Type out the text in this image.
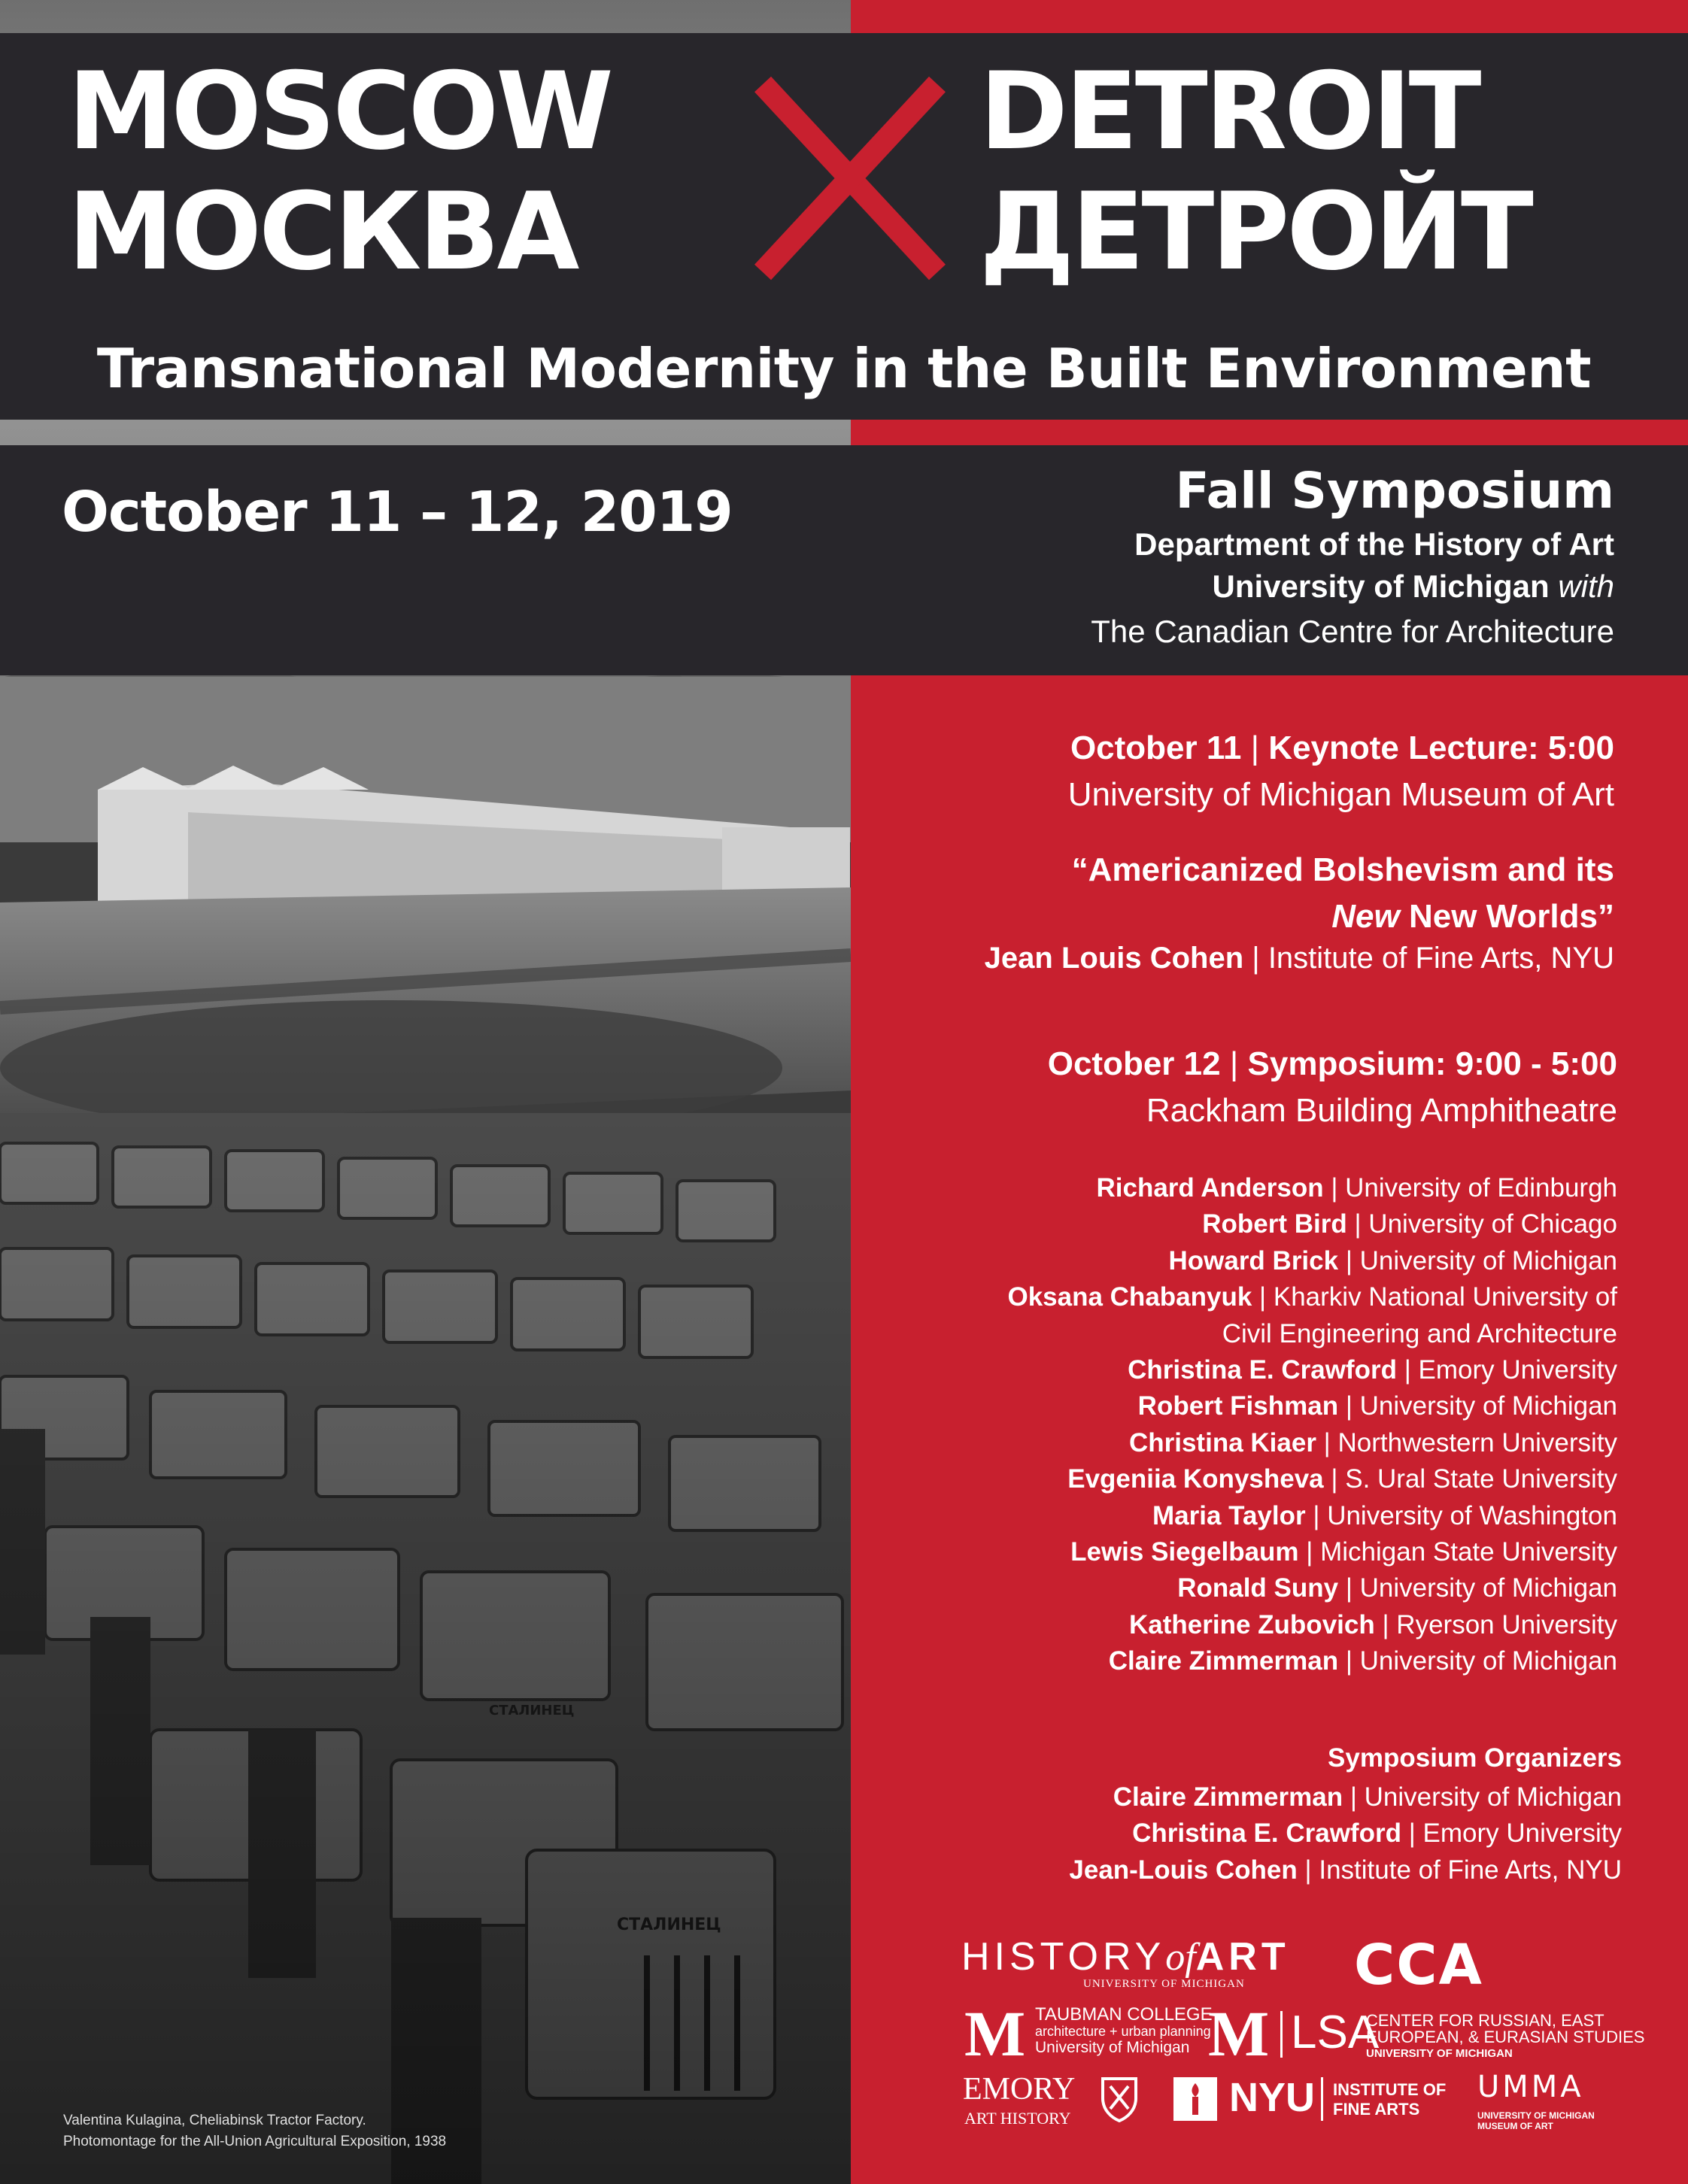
MOSCOW
МОСКВА
DETROIT
ДЕТРОЙТ
Transnational Modernity in the Built Environment
October 11 – 12, 2019	Fall Symposium
Department of the History of Art
University of Michigan with
The Canadian Centre for Architecture
October 11 | Keynote Lecture: 5:00
University of Michigan Museum of Art
“Americanized Bolshevism and its
New New Worlds”
Jean Louis Cohen | Institute of Fine Arts, NYU
October 12 | Symposium: 9:00 - 5:00
Rackham Building Amphitheatre
Richard Anderson | University of Edinburgh
Robert Bird | University of Chicago
Howard Brick | University of Michigan
Oksana Chabanyuk | Kharkiv National University of
Civil Engineering and Architecture
Christina E. Crawford | Emory University
Robert Fishman | University of Michigan
Christina Kiaer | Northwestern University
Evgeniia Konysheva | S. Ural State University
Maria Taylor | University of Washington
Lewis Siegelbaum | Michigan State University
Ronald Suny | University of Michigan
Katherine Zubovich | Ryerson University
Claire Zimmerman | University of Michigan
Symposium Organizers
Claire Zimmerman | University of Michigan
Christina E. Crawford | Emory University
Jean-Louis Cohen | Institute of Fine Arts, NYU
HISTORYofART
UNIVERSITY OF MICHIGAN CCA
M TAUBMAN COLLEGE
architecture + urban planning
University of Michigan M LSA
CENTER FOR RUSSIAN, EAST
EUROPEAN, & EURASIAN STUDIES
UNIVERSITY OF MICHIGAN
EMORY
ART HISTORY	NYU INSTITUTE OF
FINE ARTS
UMMA
UNIVERSITY OF MICHIGAN
MUSEUM OF ART
Valentina Kulagina, Cheliabinsk Tractor Factory.
Photomontage for the All-Union Agricultural Exposition, 1938
